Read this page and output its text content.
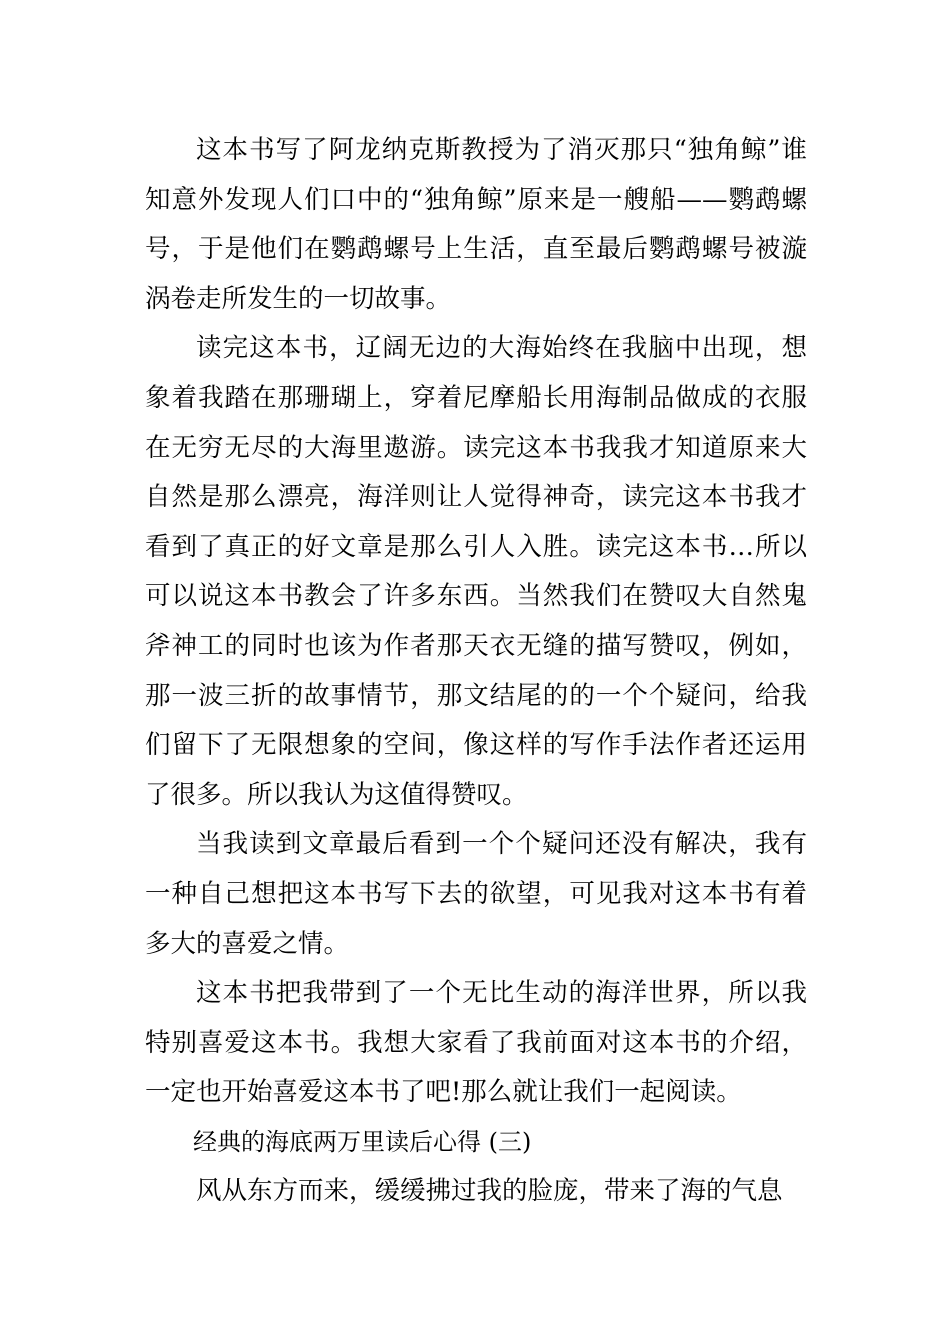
这本书写了阿龙纳克斯教授为了消灭那只“独角鲸”谁知意外发现人们口中的“独角鲸”原来是一艘船——鹦鹉螺号，于是他们在鹦鹉螺号上生活，直至最后鹦鹉螺号被漩涡卷走所发生的一切故事。

读完这本书，辽阔无边的大海始终在我脑中出现，想象着我踏在那珊瑚上，穿着尼摩船长用海制品做成的衣服在无穷无尽的大海里遨游。读完这本书我我才知道原来大自然是那么漂亮，海洋则让人觉得神奇，读完这本书我才看到了真正的好文章是那么引人入胜。读完这本书…所以可以说这本书教会了许多东西。当然我们在赞叹大自然鬼斧神工的同时也该为作者那天衣无缝的描写赞叹，例如，那一波三折的故事情节，那文结尾的的一个个疑问，给我们留下了无限想象的空间，像这样的写作手法作者还运用了很多。所以我认为这值得赞叹。

当我读到文章最后看到一个个疑问还没有解决，我有一种自己想把这本书写下去的欲望，可见我对这本书有着多大的喜爱之情。

这本书把我带到了一个无比生动的海洋世界，所以我特别喜爱这本书。我想大家看了我前面对这本书的介绍，一定也开始喜爱这本书了吧!那么就让我们一起阅读。

经典的海底两万里读后心得 (三)

风从东方而来，缓缓拂过我的脸庞，带来了海的气息
